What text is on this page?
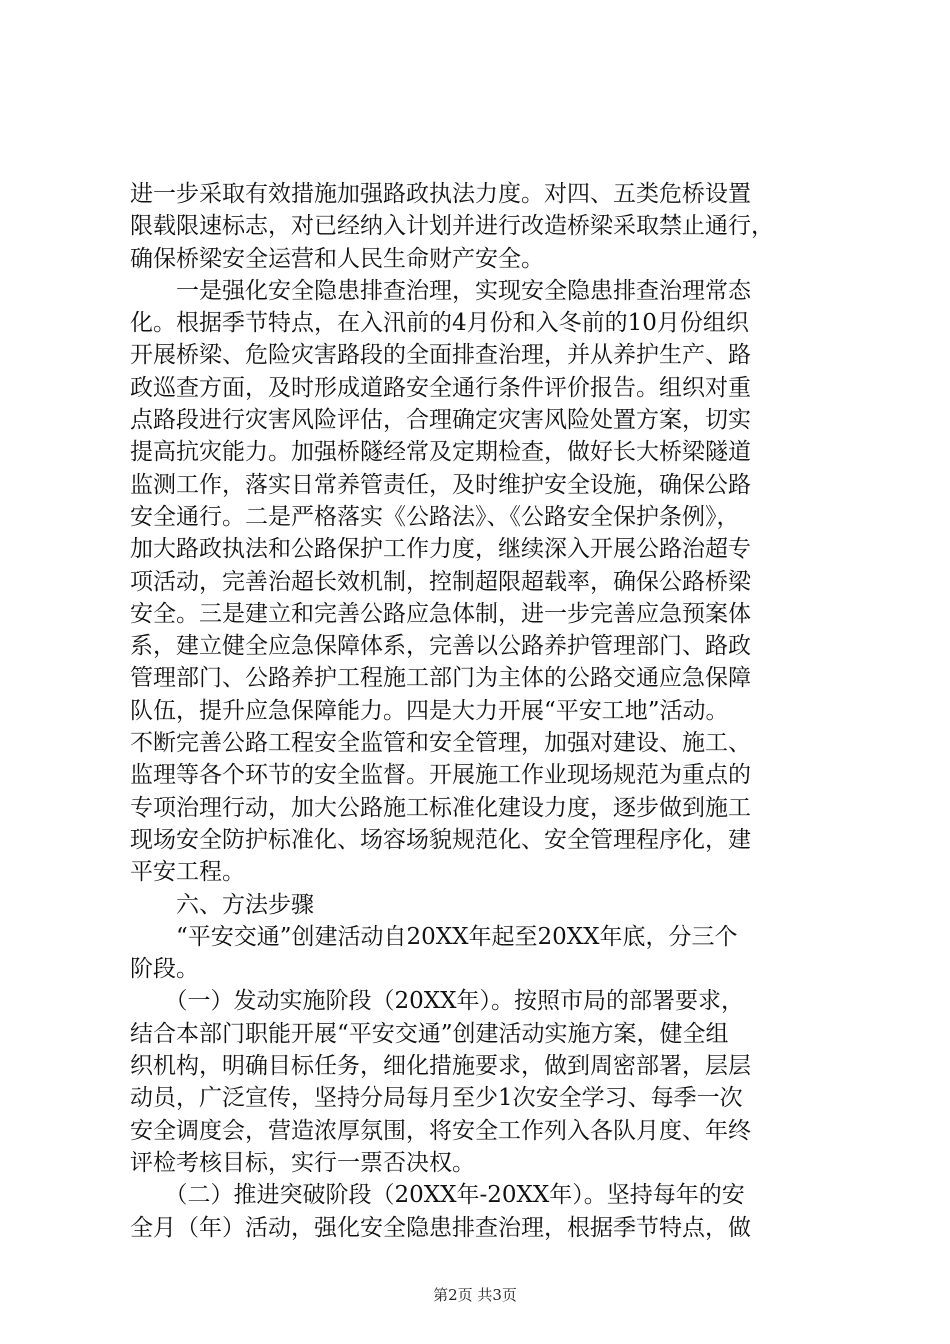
进一步采取有效措施加强路政执法力度。对四、五类危桥设置
限载限速标志，对已经纳入计划并进行改造桥梁采取禁止通行，
确保桥梁安全运营和人民生命财产安全。
　　一是强化安全隐患排查治理，实现安全隐患排查治理常态
化。根据季节特点，在入汛前的4月份和入冬前的10月份组织
开展桥梁、危险灾害路段的全面排查治理，并从养护生产、路
政巡查方面，及时形成道路安全通行条件评价报告。组织对重
点路段进行灾害风险评估，合理确定灾害风险处置方案，切实
提高抗灾能力。加强桥隧经常及定期检查，做好长大桥梁隧道
监测工作，落实日常养管责任，及时维护安全设施，确保公路
安全通行。二是严格落实《公路法》、《公路安全保护条例》，
加大路政执法和公路保护工作力度，继续深入开展公路治超专
项活动，完善治超长效机制，控制超限超载率，确保公路桥梁
安全。三是建立和完善公路应急体制，进一步完善应急预案体
系，建立健全应急保障体系，完善以公路养护管理部门、路政
管理部门、公路养护工程施工部门为主体的公路交通应急保障
队伍，提升应急保障能力。四是大力开展“平安工地”活动。
不断完善公路工程安全监管和安全管理，加强对建设、施工、
监理等各个环节的安全监督。开展施工作业现场规范为重点的
专项治理行动，加大公路施工标准化建设力度，逐步做到施工
现场安全防护标准化、场容场貌规范化、安全管理程序化，建
平安工程。
　　六、方法步骤
　　“平安交通”创建活动自20XX年起至20XX年底，分三个
阶段。
　　（一）发动实施阶段（20XX年）。按照市局的部署要求，
结合本部门职能开展“平安交通”创建活动实施方案，健全组
织机构，明确目标任务，细化措施要求，做到周密部署，层层
动员，广泛宣传，坚持分局每月至少1次安全学习、每季一次
安全调度会，营造浓厚氛围，将安全工作列入各队月度、年终
评检考核目标，实行一票否决权。
　　（二）推进突破阶段（20XX年-20XX年）。坚持每年的安
全月（年）活动，强化安全隐患排查治理，根据季节特点，做
第2页 共3页
